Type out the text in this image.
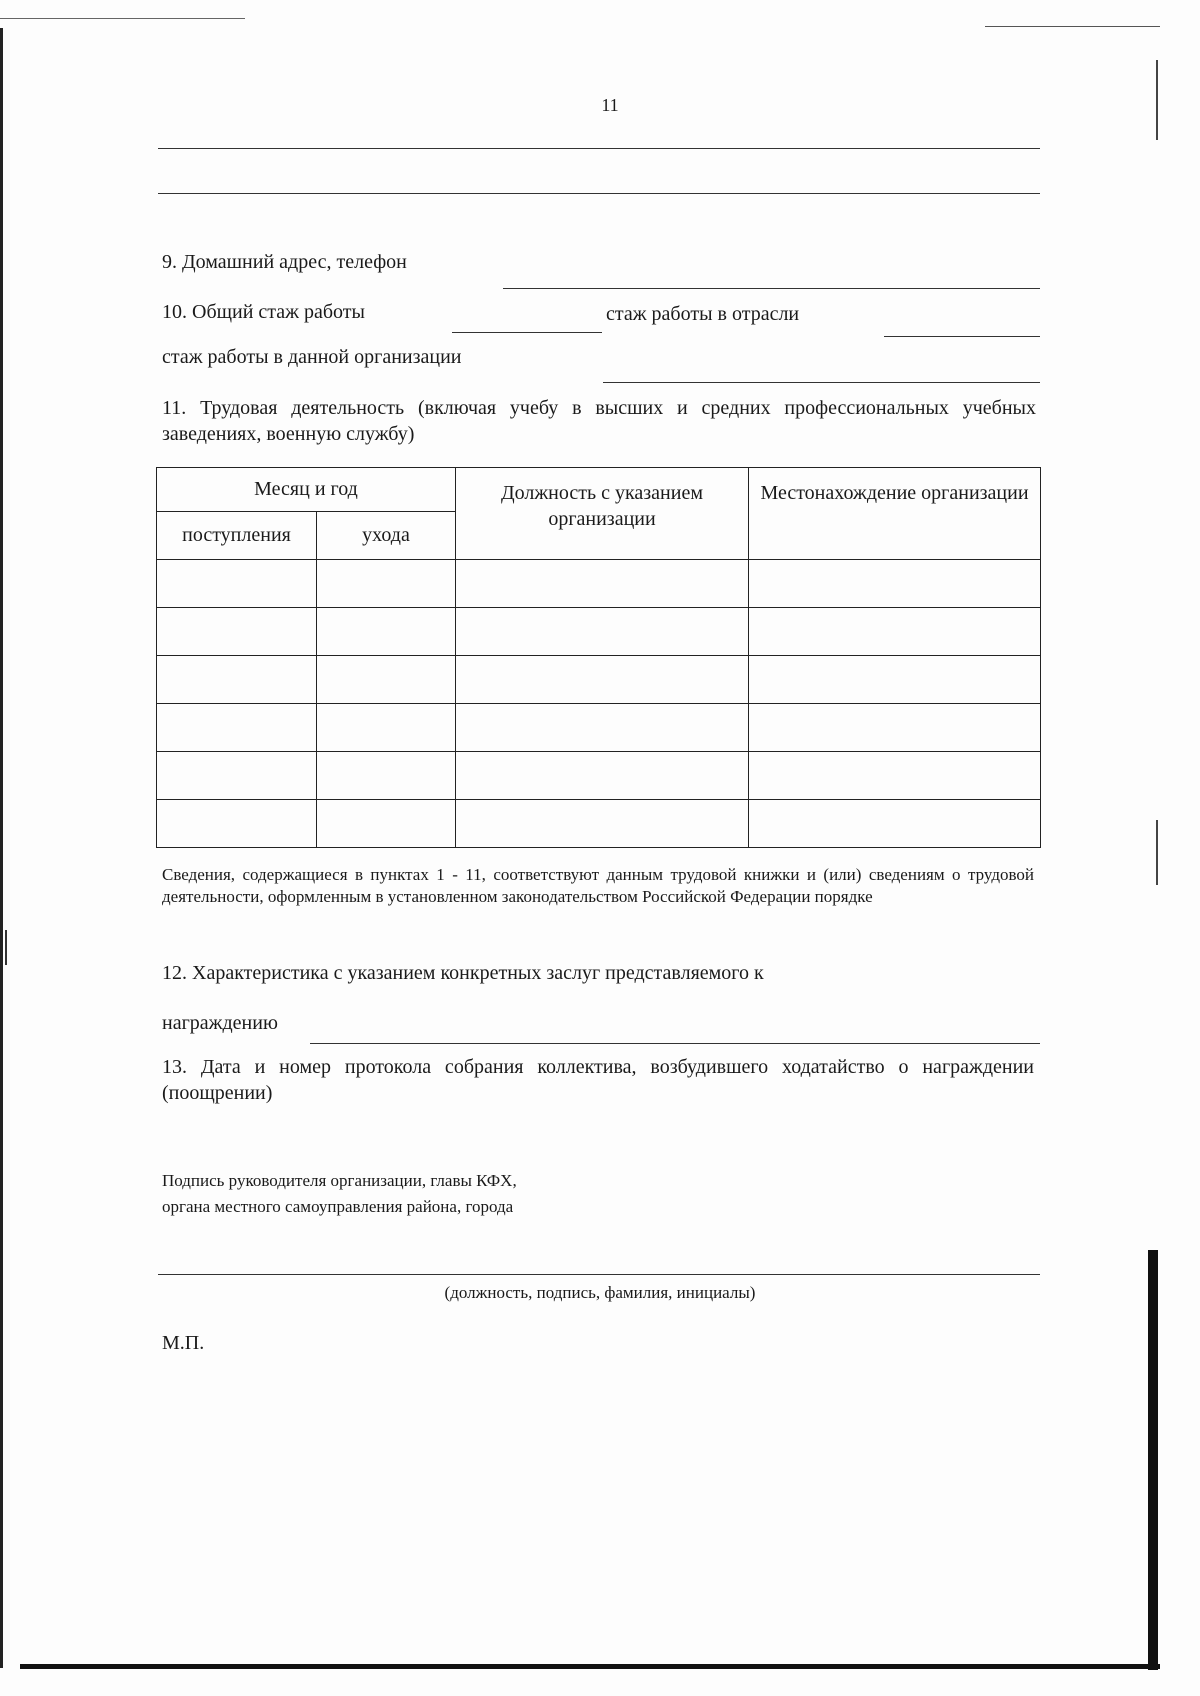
11
9. Домашний адрес, телефон
10. Общий стаж работы	стаж работы в отрасли
стаж работы в данной организации
11. Трудовая деятельность (включая учебу в высших и средних профессиональных учебных заведениях, военную службу)
Месяц и год		Должность с указанием организации	Местонахождение организации
поступления	ухода		

Сведения, содержащиеся в пунктах 1 - 11, соответствуют данным трудовой книжки и (или) сведениям о трудовой деятельности, оформленным в установленном законодательством Российской Федерации порядке
12. Характеристика с указанием конкретных заслуг представляемого к
награждению
13. Дата и номер протокола собрания коллектива, возбудившего ходатайство о награждении (поощрении)
Подпись руководителя организации, главы КФХ,
органа местного самоуправления района, города
(должность, подпись, фамилия, инициалы)
М.П.
